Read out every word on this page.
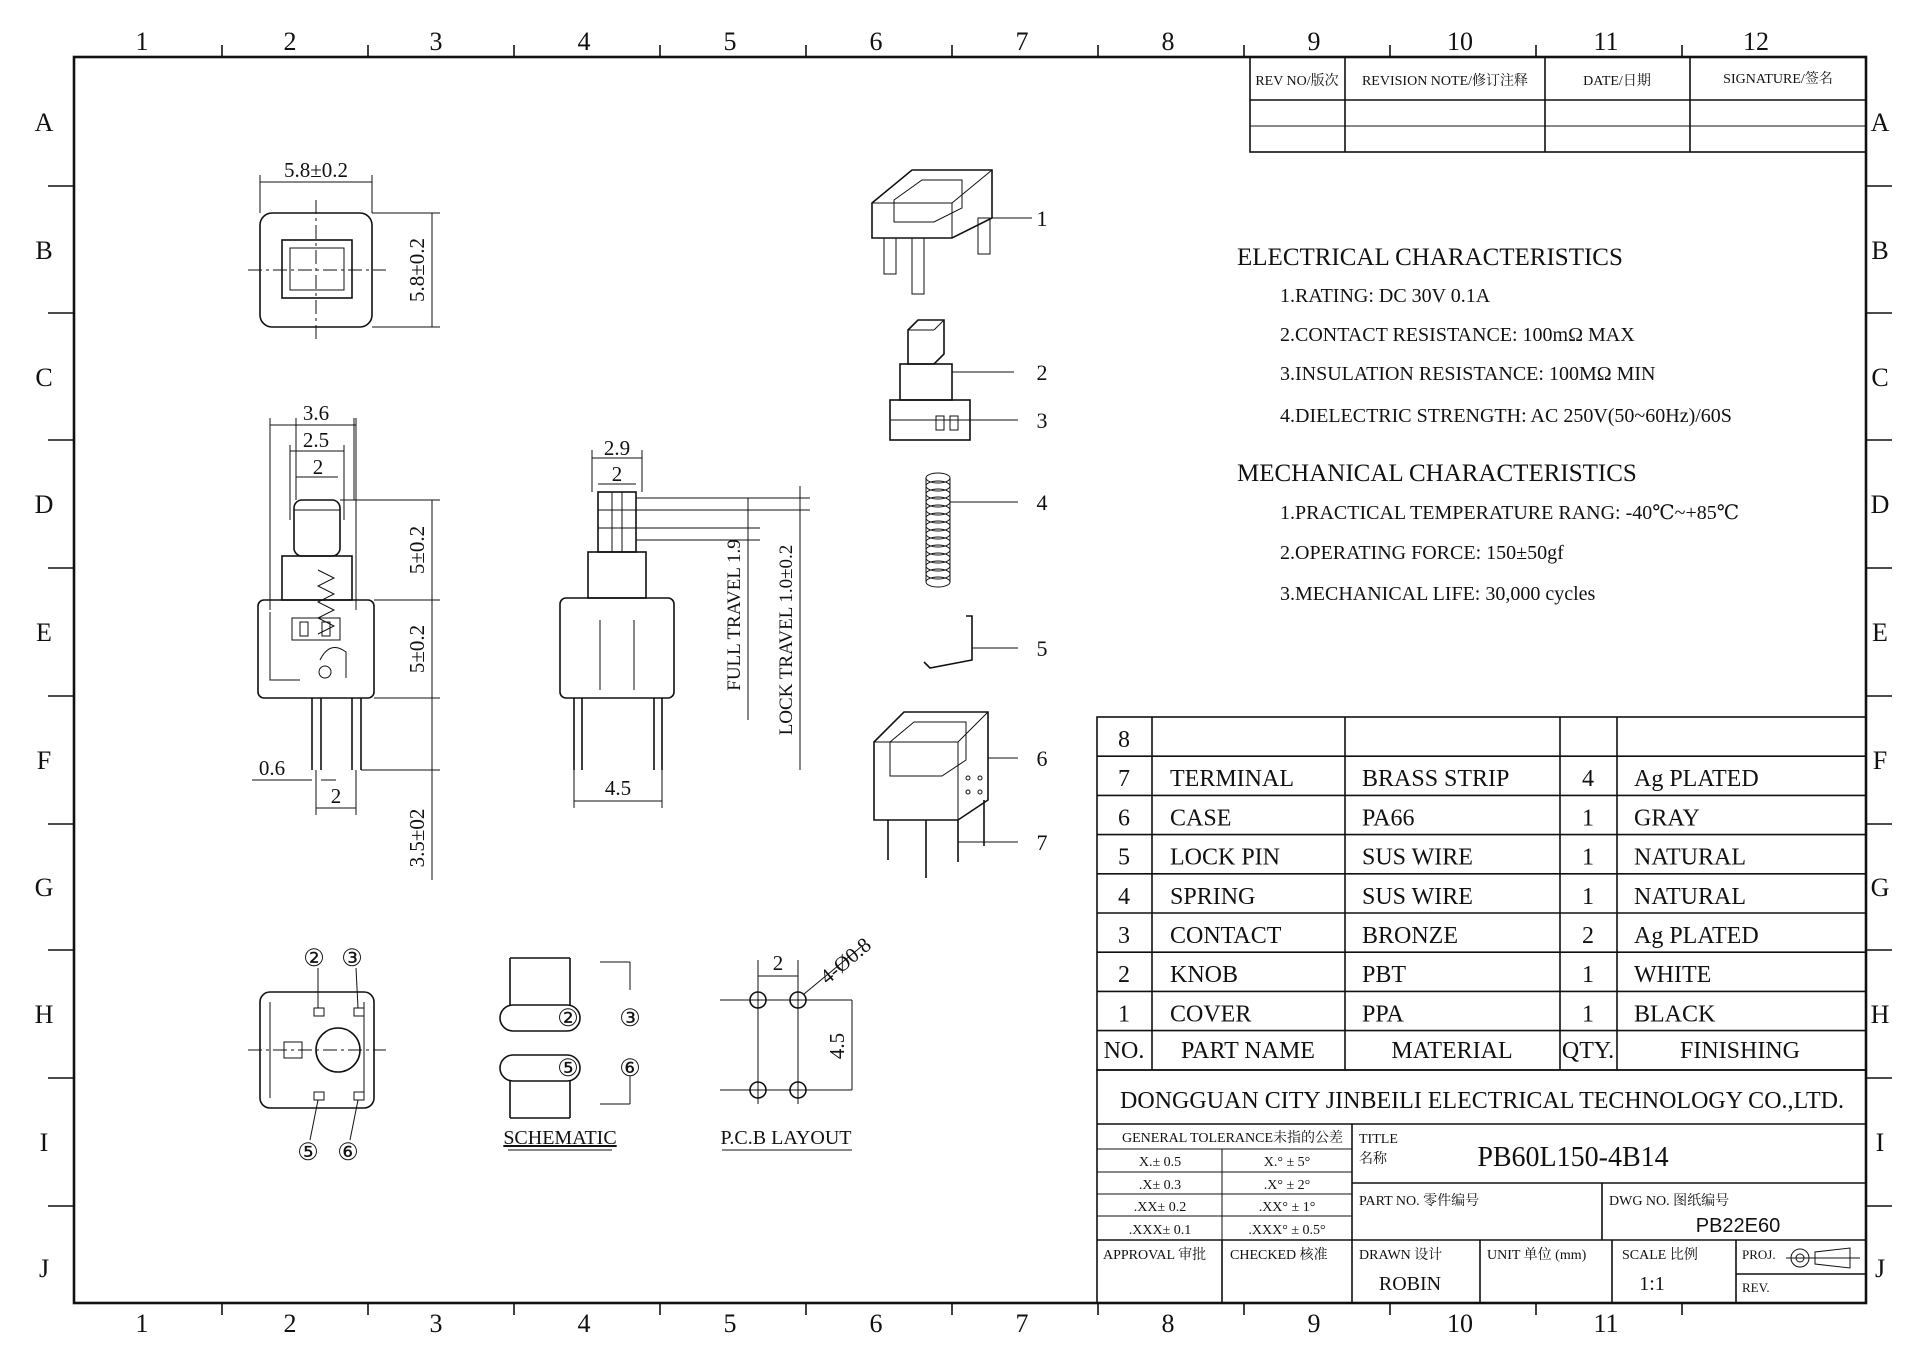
1	2	3	4	5	6	7	8	9	10	11	12
1	2	3	4	5	6	7	8	9	10	11
A
B
C
D
E
F
G
H
I
J
A
B
C
D
E
F
G
H
I
J
REV NO/版次 REVISION NOTE/修订注释	DATE/日期	SIGNATURE/签名
ELECTRICAL CHARACTERISTICS
1.RATING: DC 30V 0.1A
2.CONTACT RESISTANCE: 100mΩ MAX
3.INSULATION RESISTANCE: 100MΩ MIN
4.DIELECTRIC STRENGTH: AC 250V(50~60Hz)/60S
MECHANICAL CHARACTERISTICS
1.PRACTICAL TEMPERATURE RANG: -40℃~+85℃
2.OPERATING FORCE: 150±50gf
3.MECHANICAL LIFE: 30,000 cycles
8
7 TERMINAL	BRASS STRIP	4 Ag PLATED
6 CASE	PA66	1 GRAY
5 LOCK PIN	SUS WIRE	1 NATURAL
4 SPRING	SUS WIRE	1 NATURAL
3 CONTACT	BRONZE	2 Ag PLATED
2 KNOB	PBT	1 WHITE
1 COVER	PPA	1 BLACK
NO. PART NAME	MATERIAL QTY.	FINISHING
DONGGUAN CITY JINBEILI ELECTRICAL TECHNOLOGY CO.,LTD.
GENERAL TOLERANCE未指的公差
X.± 0.5	X.° ± 5°
.X± 0.3	.X° ± 2°
.XX± 0.2	.XX° ± 1°
.XXX± 0.1	.XXX° ± 0.5°
TITLE
名称	PB60L150-4B14
PART NO. 零件编号	DWG NO. 图纸编号
PB22E60
APPROVAL 审批 CHECKED 核准 DRAWN 设计
ROBIN
UNIT 单位 (mm)	SCALE 比例
1:1
PROJ.
REV.
5.8±0.2
5.8±0.2
3.6
2.5
2
5±0.2
5±0.2
3.5±02
0.6
2
2.9
2
4.5
FULL TRAVEL 1.9 LOCK TRAVEL 1.0±0.2
1
2
3
4
5
6
7
② ③
⑤ ⑥
② ③
⑤ ⑥
SCHEMATIC
2 4-Ø0.8
4.5
P.C.B LAYOUT
